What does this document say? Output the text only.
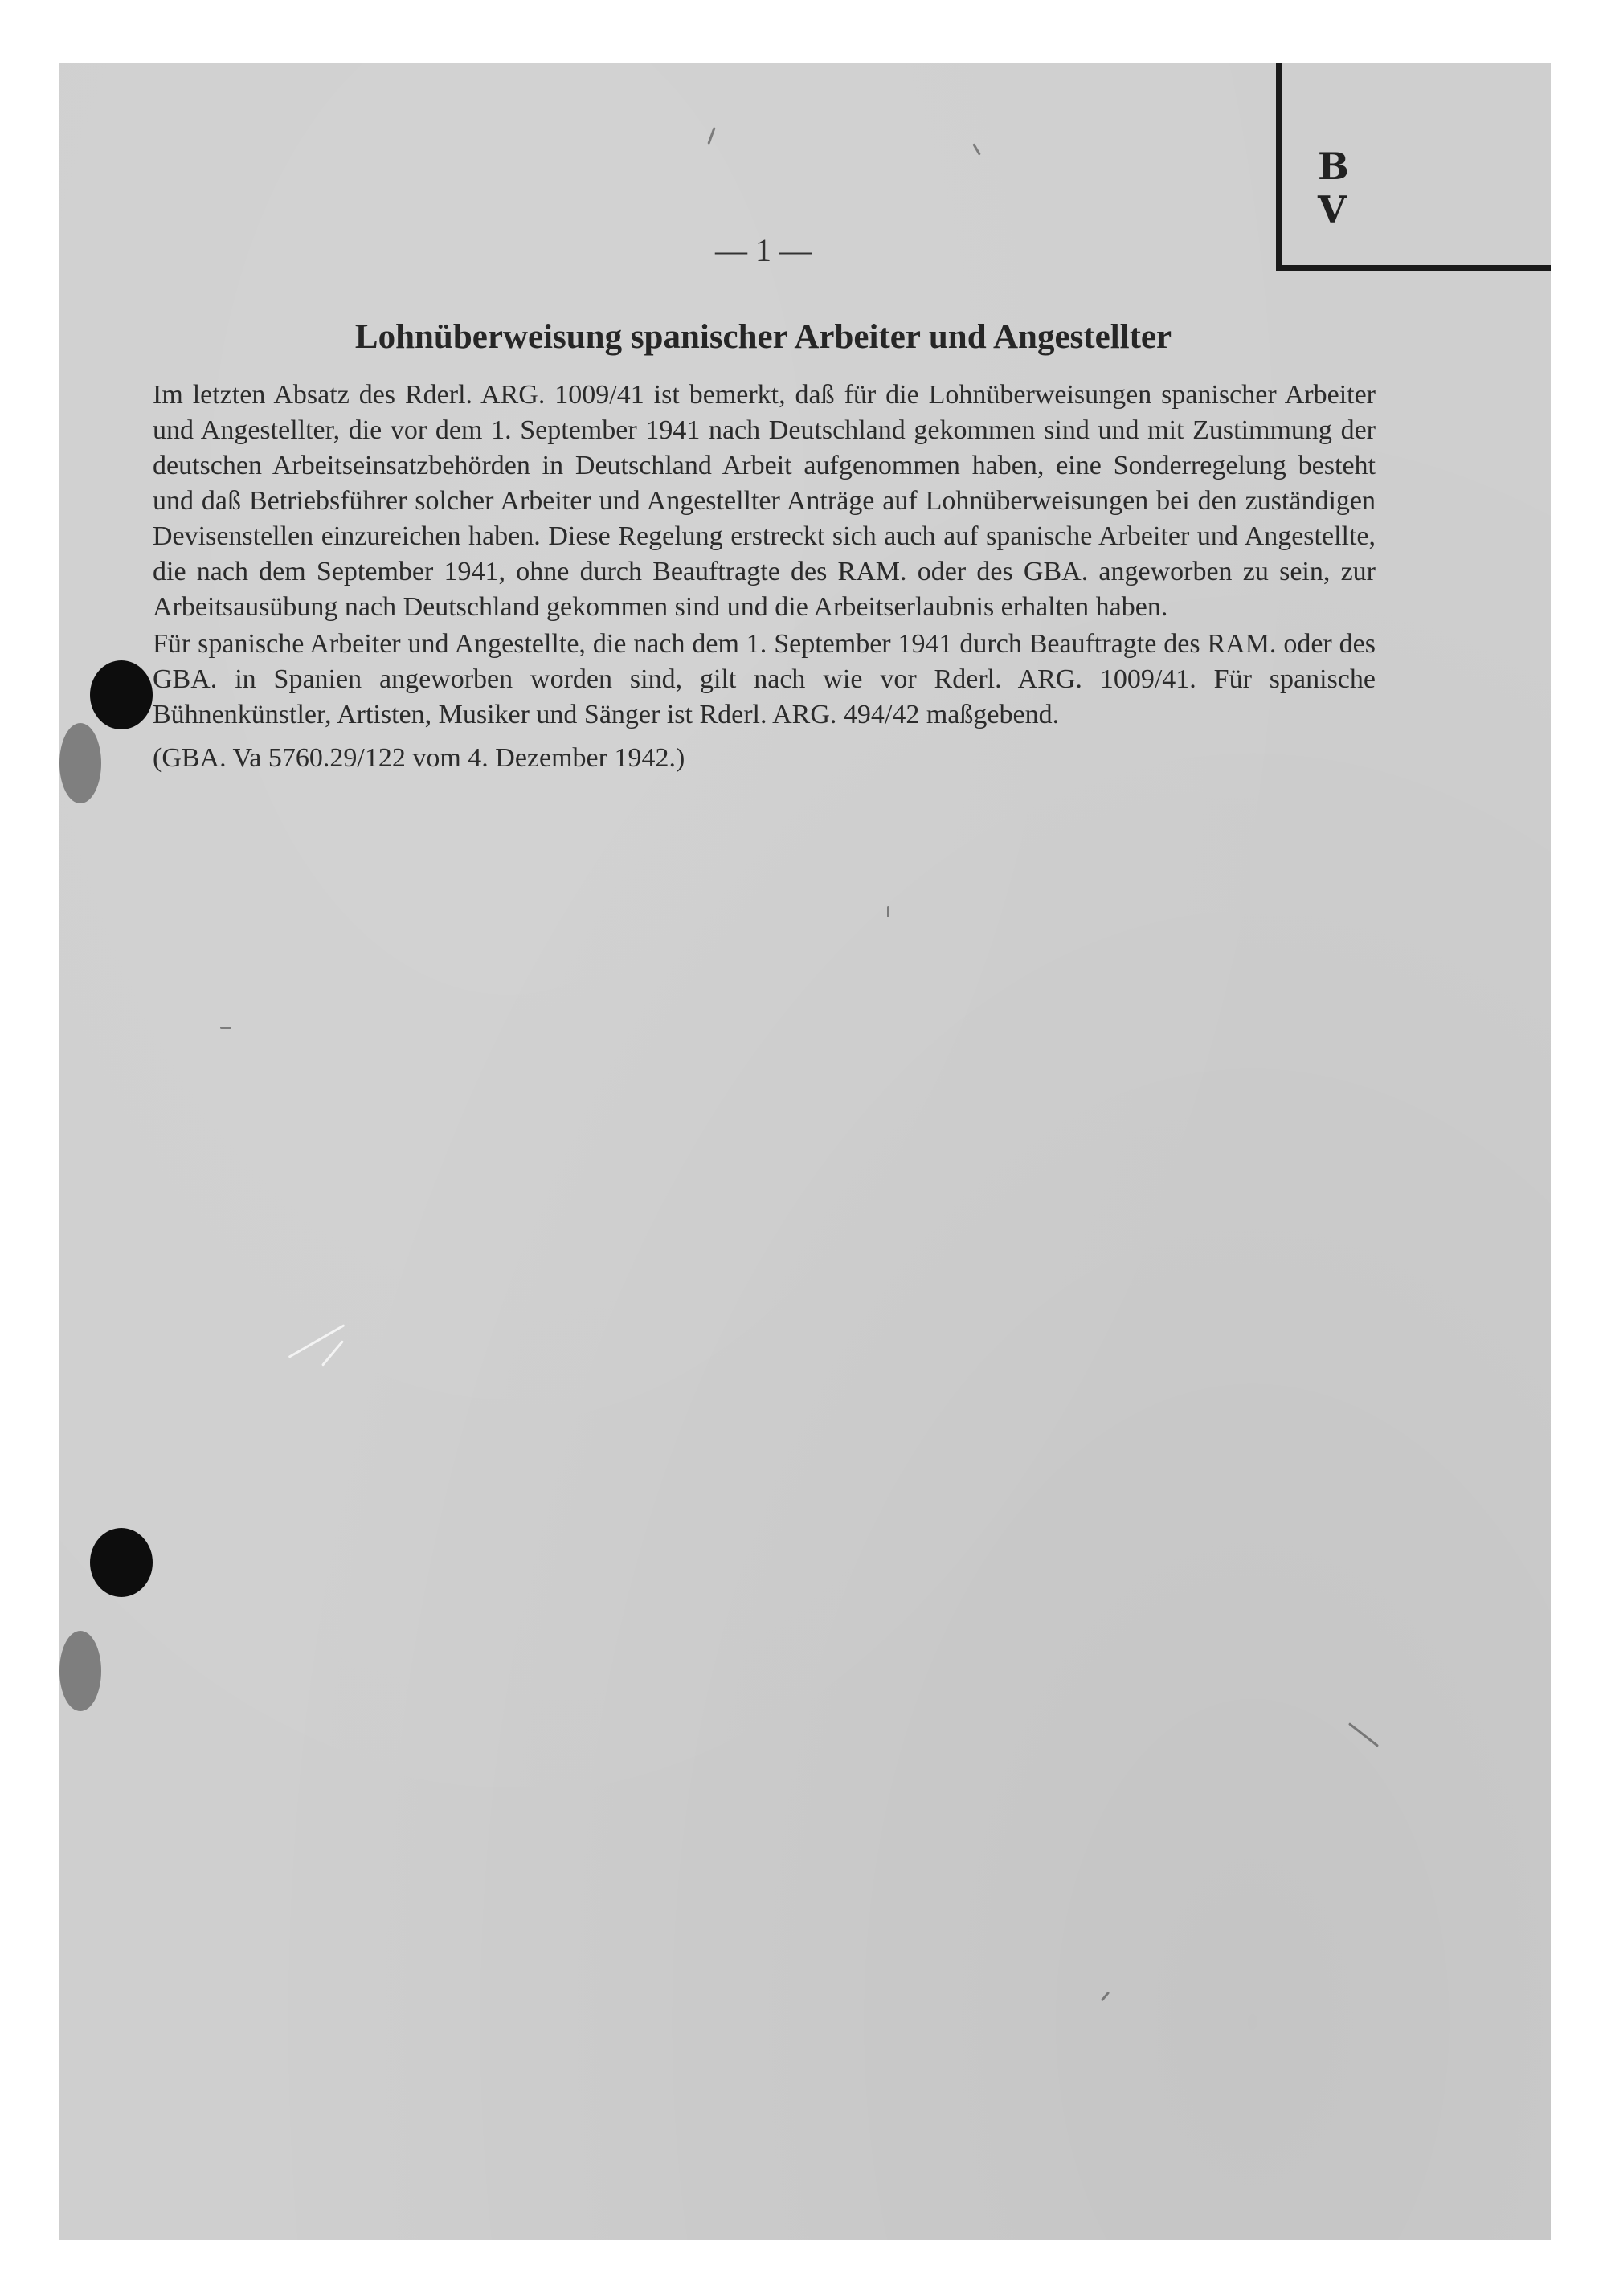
B V
— 1 —
Lohnüberweisung spanischer Arbeiter und Angestellter

Im letzten Absatz des Rderl. ARG. 1009/41 ist bemerkt, daß für die Lohnüberweisungen spanischer Arbeiter und Angestellter, die vor dem 1. September 1941 nach Deutschland gekommen sind und mit Zustimmung der deutschen Arbeitseinsatzbehörden in Deutschland Arbeit aufgenommen haben, eine Sonderregelung besteht und daß Betriebsführer solcher Arbeiter und Angestellter Anträge auf Lohnüberweisungen bei den zuständigen Devisenstellen einzureichen haben. Diese Regelung erstreckt sich auch auf spanische Arbeiter und Angestellte, die nach dem September 1941, ohne durch Beauftragte des RAM. oder des GBA. angeworben zu sein, zur Arbeitsausübung nach Deutschland gekommen sind und die Arbeitserlaubnis erhalten haben.

Für spanische Arbeiter und Angestellte, die nach dem 1. September 1941 durch Beauftragte des RAM. oder des GBA. in Spanien angeworben worden sind, gilt nach wie vor Rderl. ARG. 1009/41. Für spanische Bühnenkünstler, Artisten, Musiker und Sänger ist Rderl. ARG. 494/42 maßgebend.

(GBA. Va 5760.29/122 vom 4. Dezember 1942.)
